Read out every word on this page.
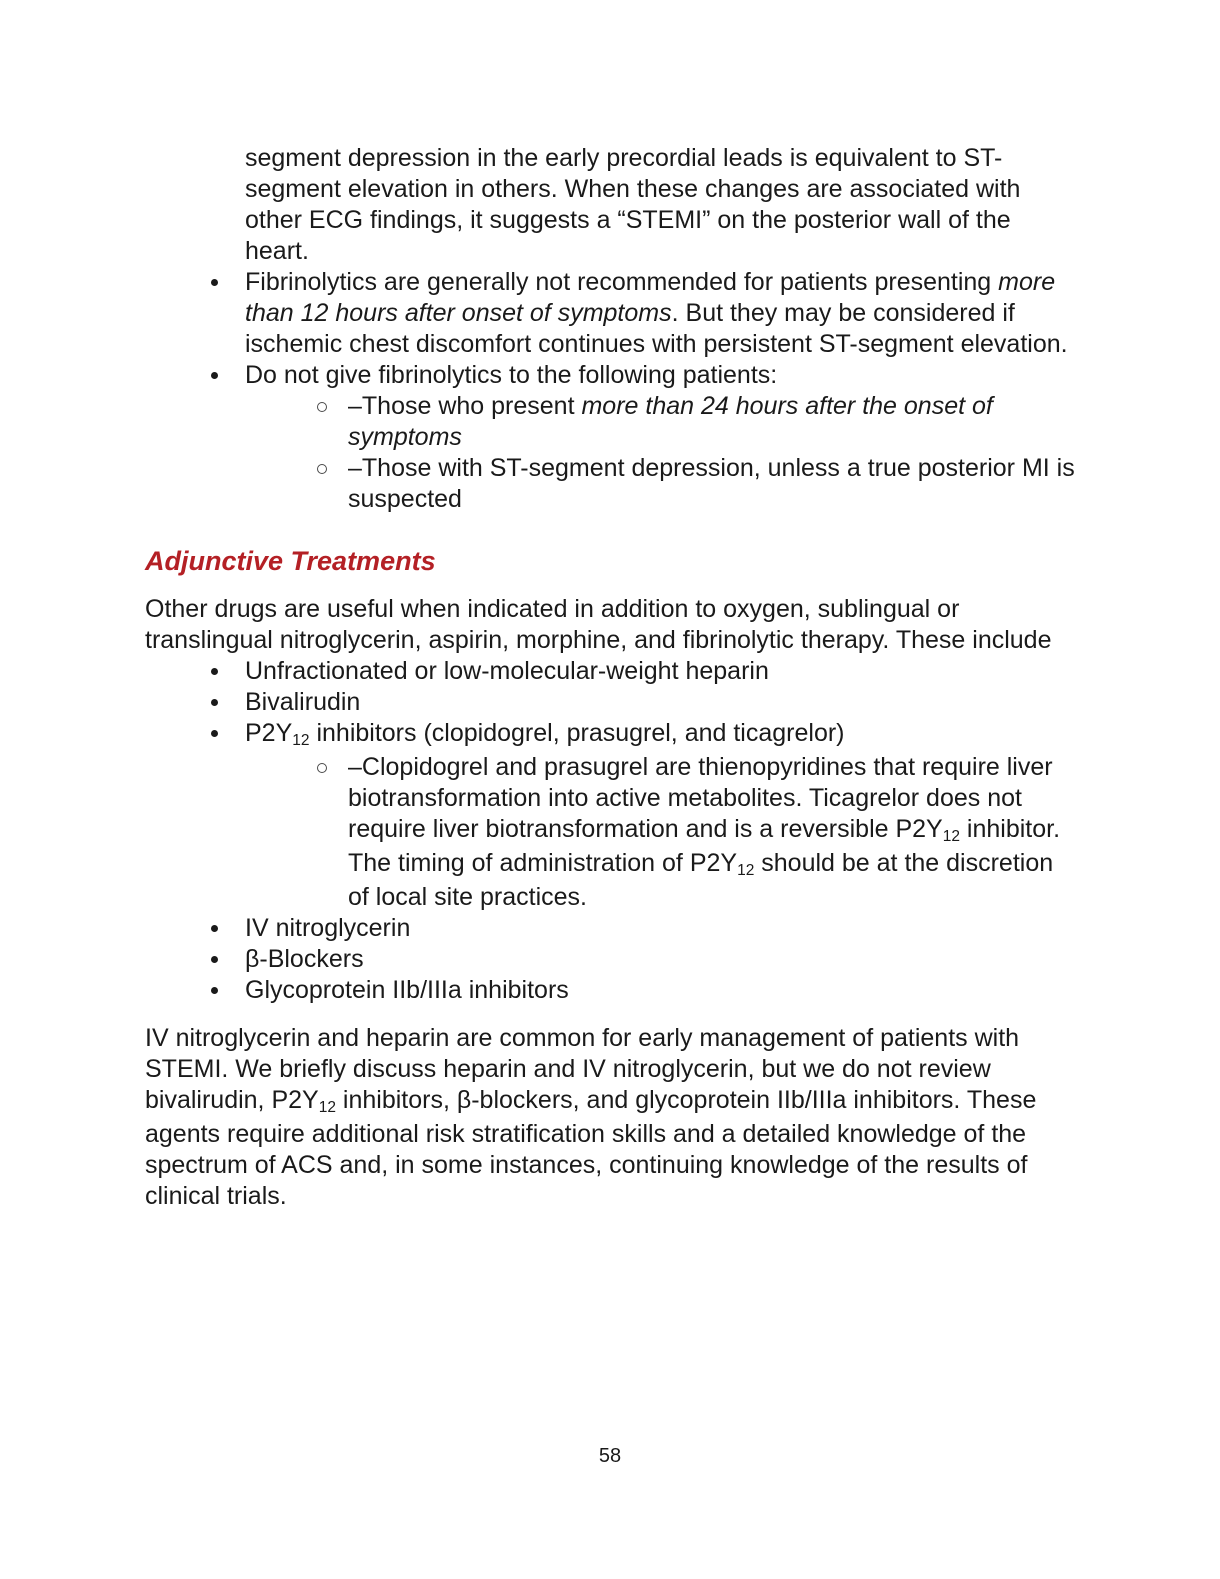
segment depression in the early precordial leads is equivalent to ST-segment elevation in others. When these changes are associated with other ECG findings, it suggests a “STEMI” on the posterior wall of the heart.
Fibrinolytics are generally not recommended for patients presenting more than 12 hours after onset of symptoms. But they may be considered if ischemic chest discomfort continues with persistent ST-segment elevation.
Do not give fibrinolytics to the following patients:
–Those who present more than 24 hours after the onset of symptoms
–Those with ST-segment depression, unless a true posterior MI is suspected
Adjunctive Treatments

Other drugs are useful when indicated in addition to oxygen, sublingual or translingual nitroglycerin, aspirin, morphine, and fibrinolytic therapy. These include

Unfractionated or low-molecular-weight heparin
Bivalirudin
P2Y12 inhibitors (clopidogrel, prasugrel, and ticagrelor)
–Clopidogrel and prasugrel are thienopyridines that require liver biotransformation into active metabolites. Ticagrelor does not require liver biotransformation and is a reversible P2Y12 inhibitor. The timing of administration of P2Y12 should be at the discretion of local site practices.
IV nitroglycerin
β-Blockers
Glycoprotein IIb/IIIa inhibitors

IV nitroglycerin and heparin are common for early management of patients with STEMI. We briefly discuss heparin and IV nitroglycerin, but we do not review bivalirudin, P2Y12 inhibitors, β-blockers, and glycoprotein IIb/IIIa inhibitors. These agents require additional risk stratification skills and a detailed knowledge of the spectrum of ACS and, in some instances, continuing knowledge of the results of clinical trials.

58
